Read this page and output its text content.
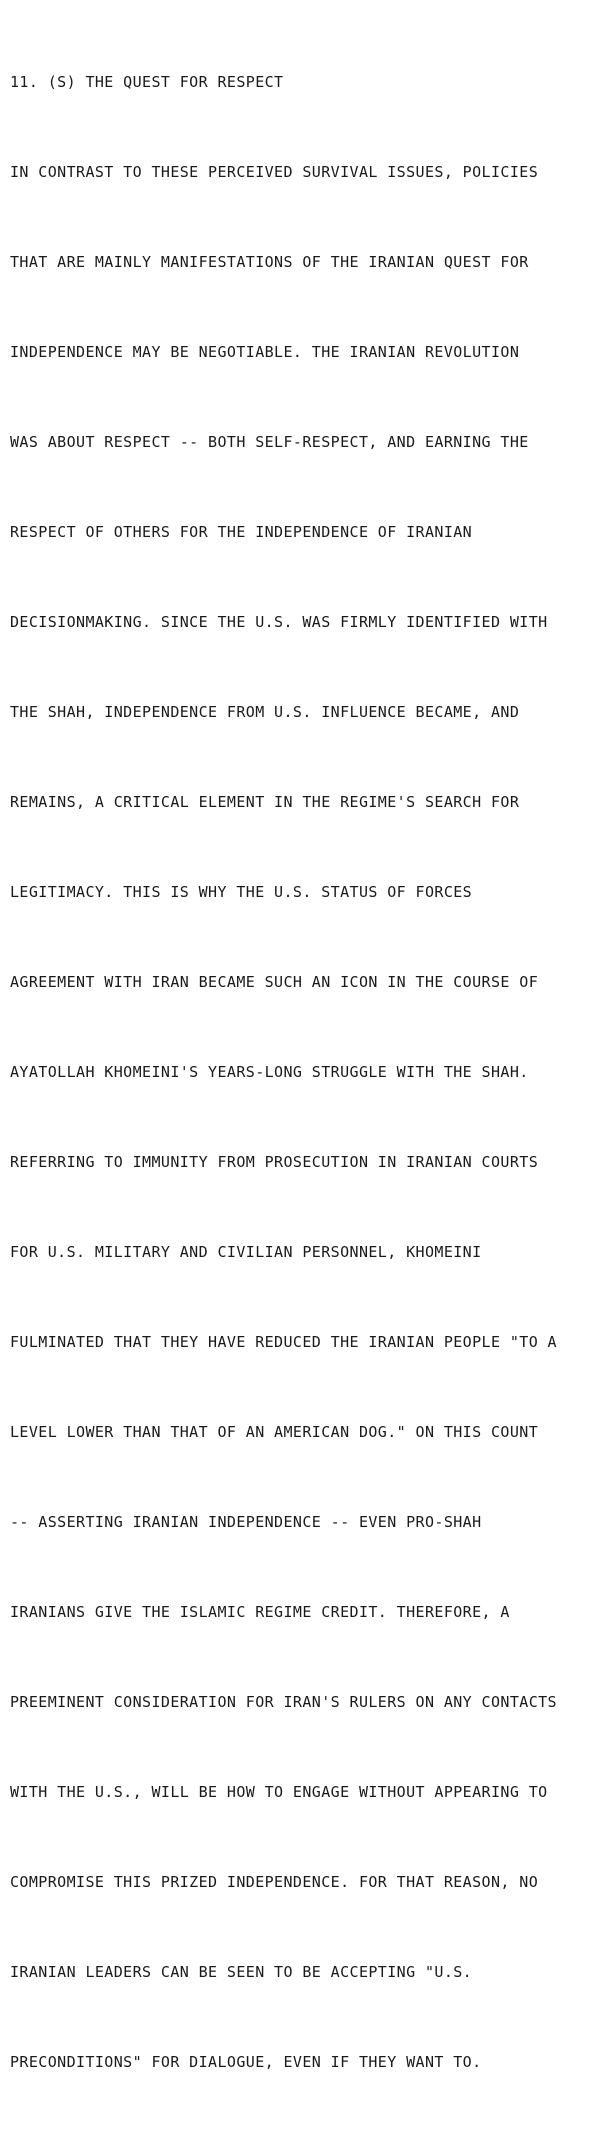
11. (S) THE QUEST FOR RESPECT

IN CONTRAST TO THESE PERCEIVED SURVIVAL ISSUES, POLICIES

THAT ARE MAINLY MANIFESTATIONS OF THE IRANIAN QUEST FOR

INDEPENDENCE MAY BE NEGOTIABLE. THE IRANIAN REVOLUTION

WAS ABOUT RESPECT -- BOTH SELF-RESPECT, AND EARNING THE

RESPECT OF OTHERS FOR THE INDEPENDENCE OF IRANIAN

DECISIONMAKING. SINCE THE U.S. WAS FIRMLY IDENTIFIED WITH

THE SHAH, INDEPENDENCE FROM U.S. INFLUENCE BECAME, AND

REMAINS, A CRITICAL ELEMENT IN THE REGIME'S SEARCH FOR

LEGITIMACY. THIS IS WHY THE U.S. STATUS OF FORCES

AGREEMENT WITH IRAN BECAME SUCH AN ICON IN THE COURSE OF

AYATOLLAH KHOMEINI'S YEARS-LONG STRUGGLE WITH THE SHAH.

REFERRING TO IMMUNITY FROM PROSECUTION IN IRANIAN COURTS

FOR U.S. MILITARY AND CIVILIAN PERSONNEL, KHOMEINI

FULMINATED THAT THEY HAVE REDUCED THE IRANIAN PEOPLE "TO A

LEVEL LOWER THAN THAT OF AN AMERICAN DOG." ON THIS COUNT

-- ASSERTING IRANIAN INDEPENDENCE -- EVEN PRO-SHAH

IRANIANS GIVE THE ISLAMIC REGIME CREDIT. THEREFORE, A

PREEMINENT CONSIDERATION FOR IRAN'S RULERS ON ANY CONTACTS

WITH THE U.S., WILL BE HOW TO ENGAGE WITHOUT APPEARING TO

COMPROMISE THIS PRIZED INDEPENDENCE. FOR THAT REASON, NO

IRANIAN LEADERS CAN BE SEEN TO BE ACCEPTING "U.S.

PRECONDITIONS" FOR DIALOGUE, EVEN IF THEY WANT TO.
